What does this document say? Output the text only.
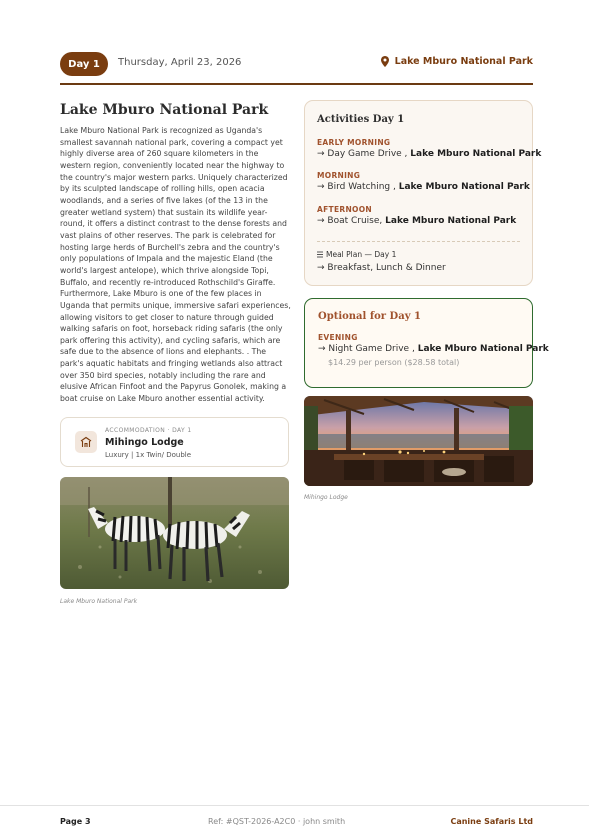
Day 1	Thursday, April 23, 2026	Lake Mburo National Park
Lake Mburo National Park
Lake Mburo National Park is recognized as Uganda's smallest savannah national park, covering a compact yet highly diverse area of 260 square kilometers in the western region, conveniently located near the highway to the country's major western parks. Uniquely characterized by its sculpted landscape of rolling hills, open acacia woodlands, and a series of five lakes (of the 13 in the greater wetland system) that sustain its wildlife year-round, it offers a distinct contrast to the dense forests and vast plains of other reserves. The park is celebrated for hosting large herds of Burchell's zebra and the country's only populations of Impala and the majestic Eland (the world's largest antelope), which thrive alongside Topi, Buffalo, and recently re-introduced Rothschild's Giraffe. Furthermore, Lake Mburo is one of the few places in Uganda that permits unique, immersive safari experiences, allowing visitors to get closer to nature through guided walking safaris on foot, horseback riding safaris (the only park offering this activity), and cycling safaris, which are safe due to the absence of lions and elephants. . The park's aquatic habitats and fringing wetlands also attract over 350 bird species, notably including the rare and elusive African Finfoot and the Papyrus Gonolek, making a boat cruise on Lake Mburo another essential activity.
ACCOMMODATION · DAY 1
Mihingo Lodge
Luxury | 1x Twin/ Double
Lake Mburo National Park
Activities Day 1
EARLY MORNING
→ Day Game Drive , Lake Mburo National Park
MORNING
→ Bird Watching , Lake Mburo National Park
AFTERNOON
→ Boat Cruise, Lake Mburo National Park
Meal Plan — Day 1
→ Breakfast, Lunch & Dinner
Optional for Day 1
EVENING
→ Night Game Drive , Lake Mburo National Park
$14.29 per person ($28.58 total)
Mihingo Lodge
Page 3	Ref: #QST-2026-A2C0 · john smith	Canine Safaris Ltd
